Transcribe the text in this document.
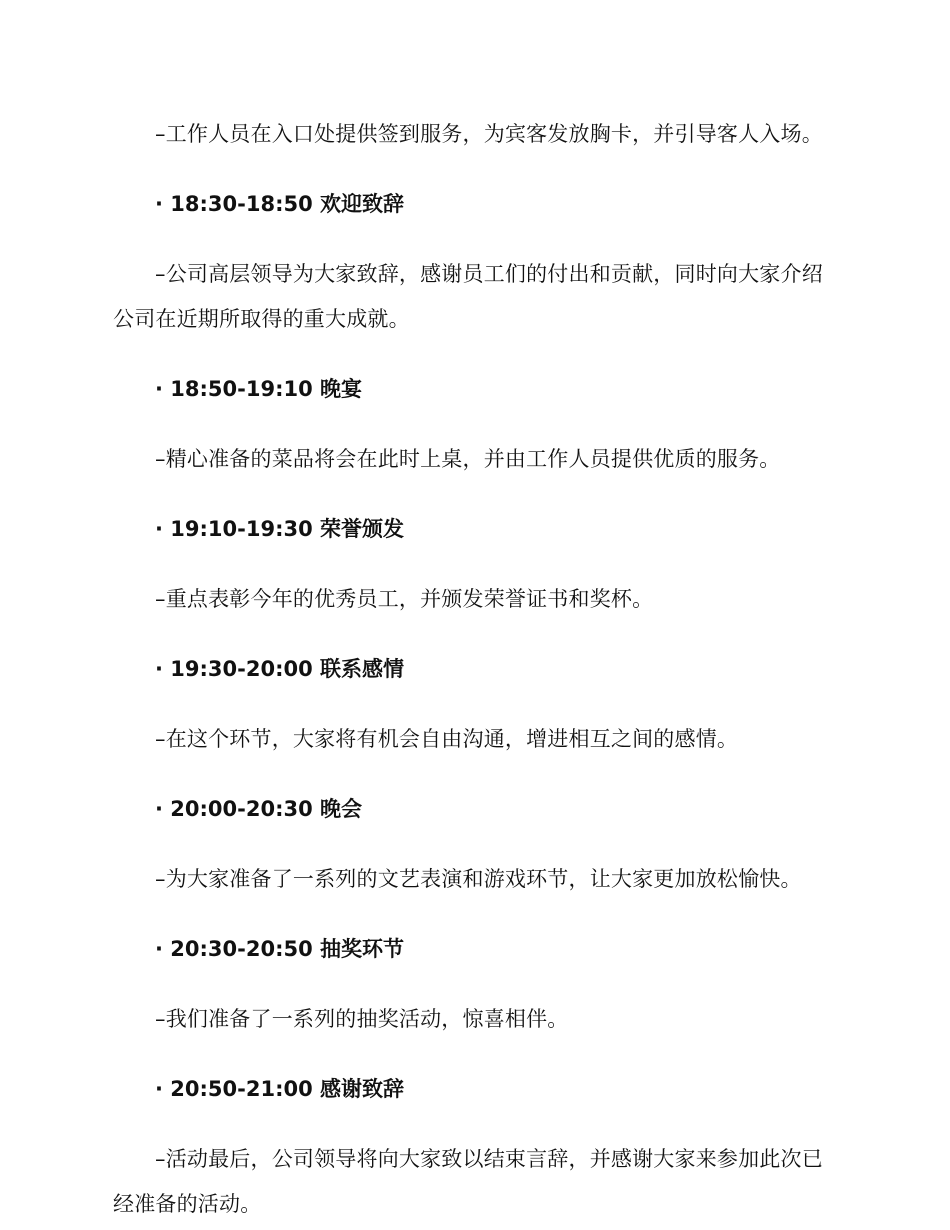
–工作人员在入口处提供签到服务，为宾客发放胸卡，并引导客人入场。

· 18:30-18:50 欢迎致辞

–公司高层领导为大家致辞，感谢员工们的付出和贡献，同时向大家介绍公司在近期所取得的重大成就。

· 18:50-19:10 晚宴

–精心准备的菜品将会在此时上桌，并由工作人员提供优质的服务。

· 19:10-19:30 荣誉颁发

–重点表彰今年的优秀员工，并颁发荣誉证书和奖杯。

· 19:30-20:00 联系感情

–在这个环节，大家将有机会自由沟通，增进相互之间的感情。

· 20:00-20:30 晚会

–为大家准备了一系列的文艺表演和游戏环节，让大家更加放松愉快。

· 20:30-20:50 抽奖环节

–我们准备了一系列的抽奖活动，惊喜相伴。

· 20:50-21:00 感谢致辞

–活动最后，公司领导将向大家致以结束言辞，并感谢大家来参加此次已经准备的活动。
